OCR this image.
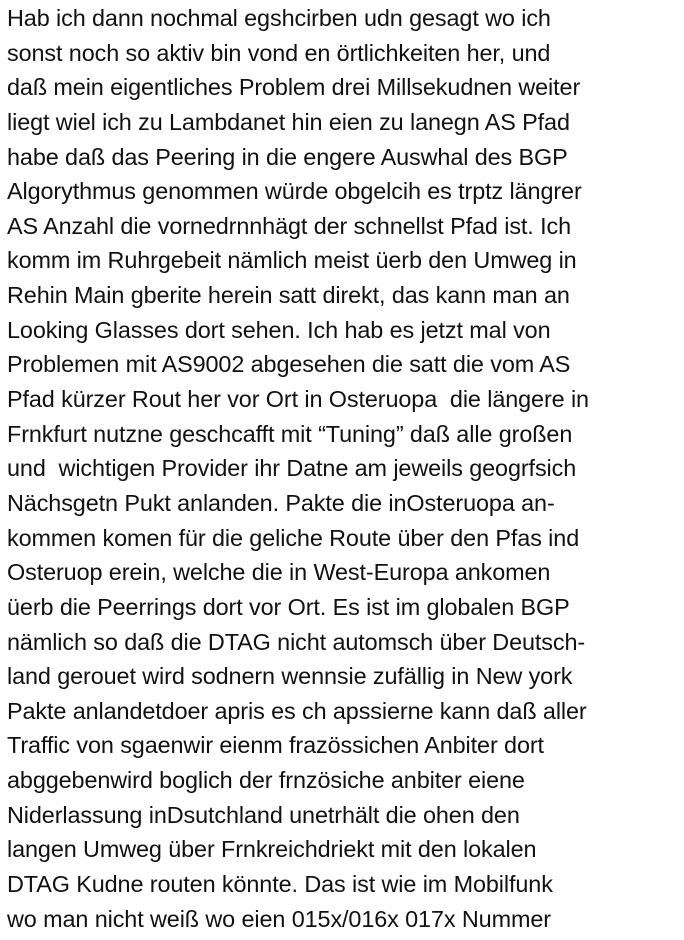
Hab ich dann nochmal egshcirben udn gesagt wo ich
sonst noch so aktiv bin vond en örtlichkeiten her, und
daß mein eigentliches Problem drei Millsekudnen weiter
liegt wiel ich zu Lambdanet hin eien zu lanegn AS Pfad
habe daß das Peering in die engere Auswhal des BGP
Algorythmus genommen würde obgelcih es trptz längrer
AS Anzahl die vornedrnnhägt der schnellst Pfad ist. Ich
komm im Ruhrgebeit nämlich meist üerb den Umweg in
Rehin Main gberite herein satt direkt, das kann man an
Looking Glasses dort sehen. Ich hab es jetzt mal von
Problemen mit AS9002 abgesehen die satt die vom AS
Pfad kürzer Rout her vor Ort in Osteruopa  die längere in
Frnkfurt nutzne geschcafft mit “Tuning” daß alle großen
und  wichtigen Provider ihr Datne am jeweils geogrfsich
Nächsgetn Pukt anlanden. Pakte die inOsteruopa an-
kommen komen für die geliche Route über den Pfas ind
Osteruop erein, welche die in West-Europa ankomen
üerb die Peerrings dort vor Ort. Es ist im globalen BGP
nämlich so daß die DTAG nicht automsch über Deutsch-
land gerouet wird sodnern wennsie zufällig in New york
Pakte anlandetdoer apris es ch apssierne kann daß aller
Traffic von sgaenwir eienm frazössichen Anbiter dort
abggebenwird boglich der frnzösiche anbiter eiene
Niderlassung inDsutchland unetrhält die ohen den
langen Umweg über Frnkreichdriekt mit den lokalen
DTAG Kudne routen könnte. Das ist wie im Mobilfunk
wo man nicht weiß wo eien 015x/016x 017x Nummer
